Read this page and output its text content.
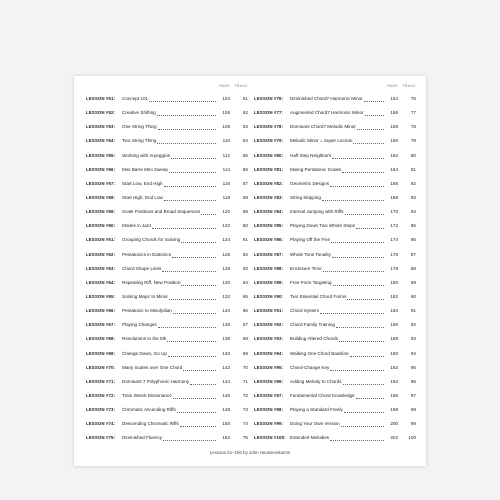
PAGE TRACK
LESSON #51: Concept 101	104	51
LESSON #52: Creative Shifting	106	52
LESSON #53: One String Thing	108	53
LESSON #54: Two String Thing	110	54
LESSON #55: Working with Arpeggios	112	55
LESSON #56: Mini Barre Mini Sweep	114	56
LESSON #57: Start Low, End High	116	57
LESSON #58: Start High, End Low	118	58
LESSON #59: Scale Positions and Broad Sequences	120	59
LESSON #60: Modes in Jazz	122	60
LESSON #61: Grouping Chords for Soloing	124	61
LESSON #62: Pentatonics in Diatonics	126	62
LESSON #63: Chord Shape Lines	128	63
LESSON #64: Repeating Riff, New Position	130	64
LESSON #65: Soloing Major to Minor	132	65
LESSON #66: Pentatonic to Mixolydian	134	66
LESSON #67: Playing Changes	136	67
LESSON #68: Resolutions to the 5th	138	68
LESSON #69: Change Down, Go Up	140	69
LESSON #70: Many Scales over One Chord	142	70
LESSON #71: Dominant 7 Polyphonic Harmony	144	71
LESSON #72: Train Wreck Dissonance	146	72
LESSON #73: Chromatic Ascending Riffs	148	73
LESSON #74: Descending Chromatic Riffs	150	74
LESSON #75: Diminished Fluency	152	75
PAGE TRACK
LESSON #76: Diminished Chord7 Harmonic Minor	154	76
LESSON #77: Augmented Chord7 Harmonic Minor	156	77
LESSON #78: Dominant Chord7 Melodic Minor	158	78
LESSON #79: Melodic Minor = Super Locrian	160	79
LESSON #80: Half Step Neighbors	162	80
LESSON #81: Mixing Pentatonic Scales	164	81
LESSON #82: Geometric Designs	166	82
LESSON #83: String Skipping	168	83
LESSON #84: Interval Jumping with Riffs	170	84
LESSON #85: Playing Down Two Whole Steps	172	85
LESSON #86: Playing Off the Five	174	86
LESSON #87: Whole Tone Tonality	176	87
LESSON #88: Enclosure Time	178	88
LESSON #89: Free Form Targeting	180	89
LESSON #90: Two Essential Chord Forms	182	90
LESSON #91: Chord System	184	91
LESSON #92: Chord Family Training	186	92
LESSON #93: Building Altered Chords	188	93
LESSON #94: Walking One Chord Bassline	190	94
LESSON #95: Chord-Change Key	192	95
LESSON #96: Adding Melody to Chords	194	96
LESSON #97: Fundamental Chord Knowledge	196	97
LESSON #98: Playing a Standard Freely	198	98
LESSON #99: Doing Your Own Version	200	99
LESSON #100: Extended Melodies	202	100
Lessons 51–100 by John Heussenstamm
